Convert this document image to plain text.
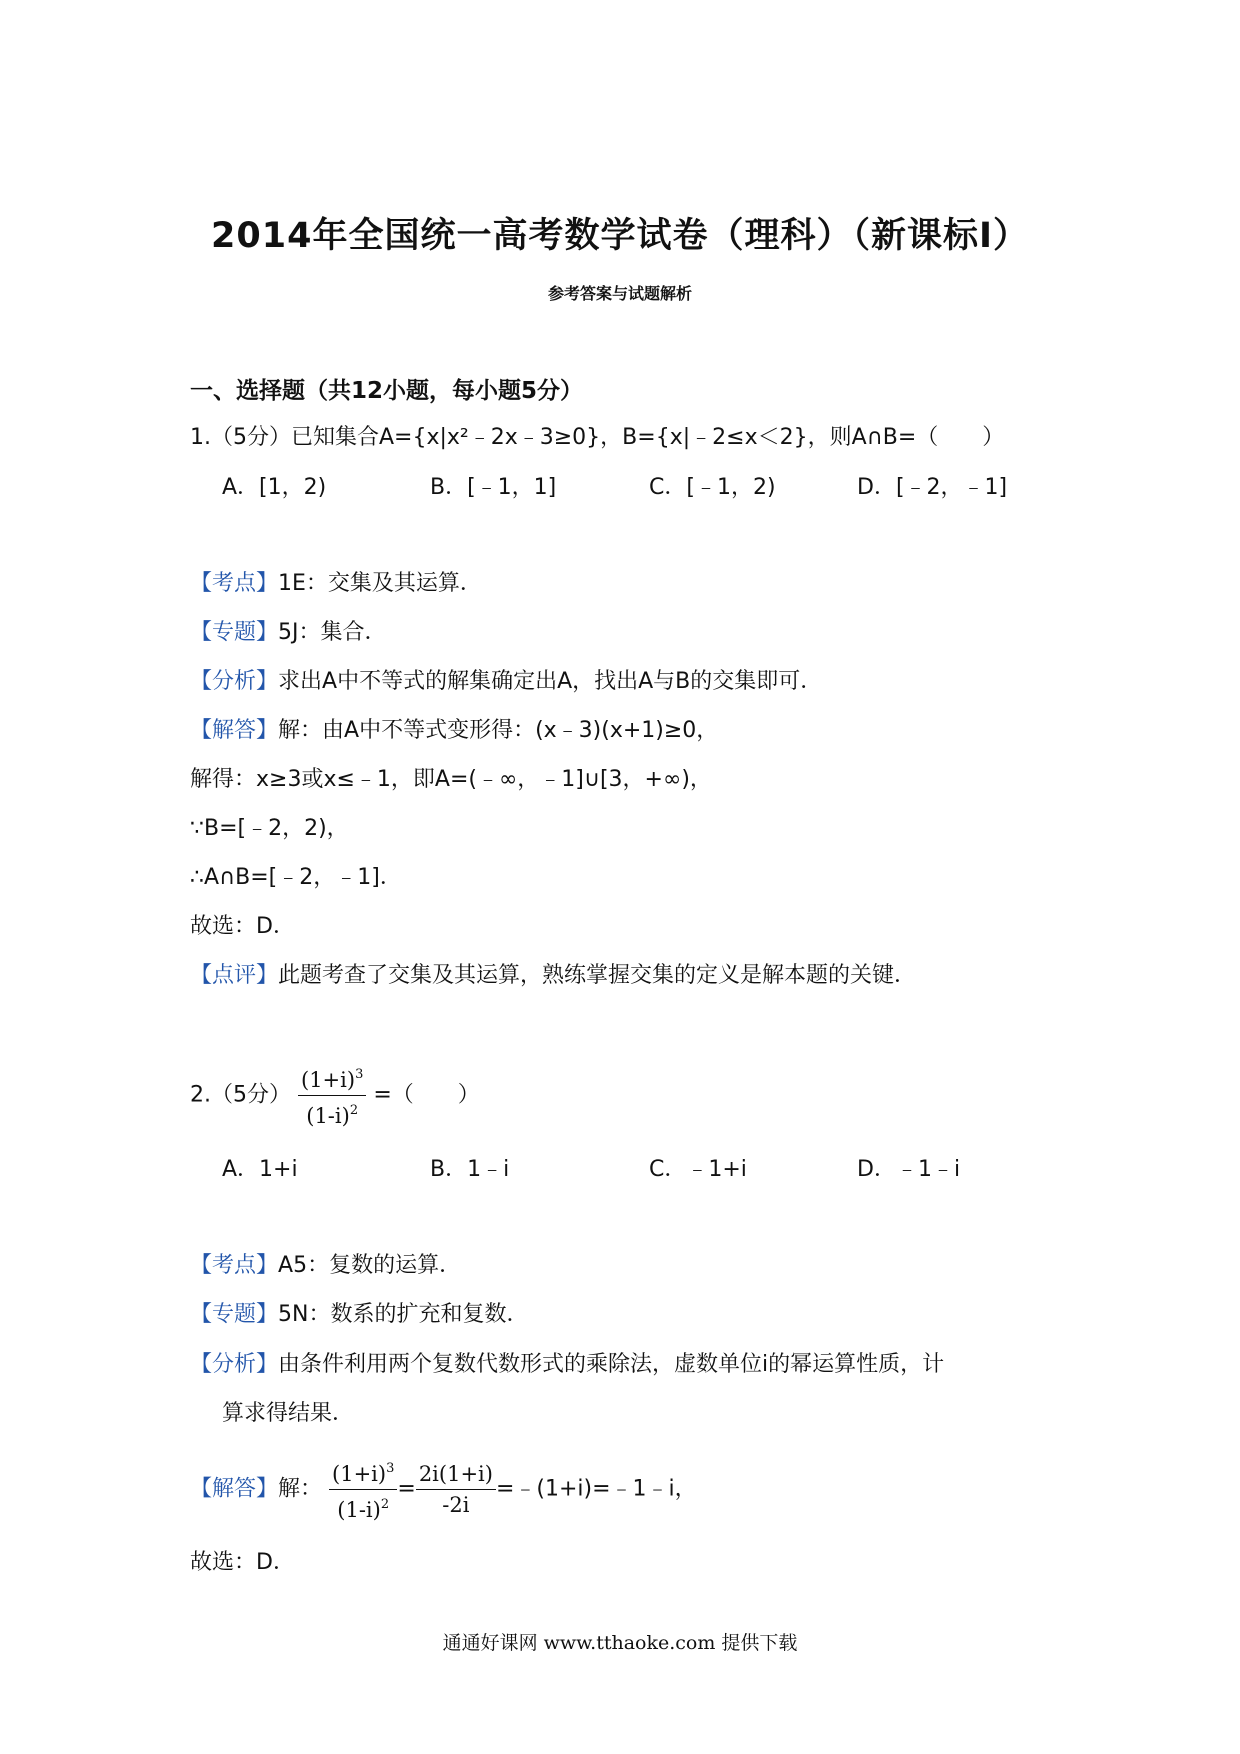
2014年全国统一高考数学试卷（理科）（新课标Ⅰ）
参考答案与试题解析
一、选择题（共12小题，每小题5分）
1.（5分）已知集合A={x|x²﹣2x﹣3≥0}，B={x|﹣2≤x＜2}，则A∩B=（　　）
A．[1，2)	B．[﹣1，1]	C．[﹣1，2)	D．[﹣2，﹣1]
【考点】1E：交集及其运算．
【专题】5J：集合．
【分析】求出A中不等式的解集确定出A，找出A与B的交集即可．
【解答】解：由A中不等式变形得：(x﹣3)(x+1)≥0，
解得：x≥3或x≤﹣1，即A=(﹣∞，﹣1]∪[3，+∞)，
∵B=[﹣2，2)，
∴A∩B=[﹣2，﹣1]．
故选：D．
【点评】此题考查了交集及其运算，熟练掌握交集的定义是解本题的关键．
2.（5分） $\frac{(1+i)^3}{(1-i)^2}$ =（　　）
A．1+i	B．1﹣i	C．﹣1+i	D．﹣1﹣i
【考点】A5：复数的运算．
【专题】5N：数系的扩充和复数．
【分析】由条件利用两个复数代数形式的乘除法，虚数单位i的幂运算性质，计
算求得结果．
【解答】解： $\frac{(1+i)^3}{(1-i)^2} = \frac{2i(1+i)}{-2i}$ =﹣(1+i)=﹣1﹣i，
故选：D．
通通好课网 www.tthaoke.com 提供下载
